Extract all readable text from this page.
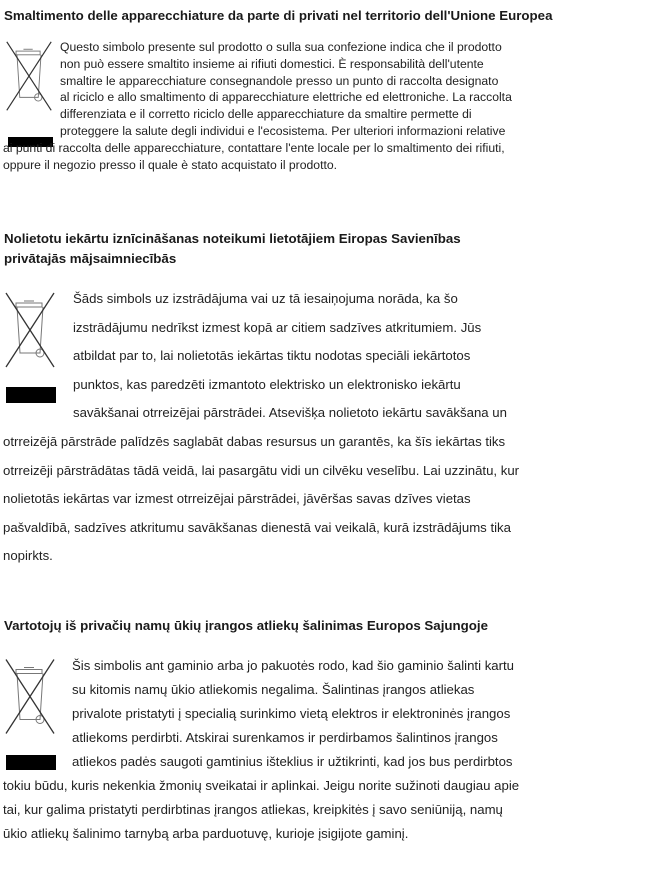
Smaltimento delle apparecchiature da parte di privati nel territorio dell'Unione Europea
Questo simbolo presente sul prodotto o sulla sua confezione indica che il prodotto
non può essere smaltito insieme ai rifiuti domestici. È responsabilità dell'utente
smaltire le apparecchiature consegnandole presso un punto di raccolta designato
al riciclo e allo smaltimento di apparecchiature elettriche ed elettroniche. La raccolta
differenziata e il corretto riciclo delle apparecchiature da smaltire permette di
proteggere la salute degli individui e l'ecosistema. Per ulteriori informazioni relative
ai punti di raccolta delle apparecchiature, contattare l'ente locale per lo smaltimento dei rifiuti,
oppure il negozio presso il quale è stato acquistato il prodotto.
Nolietotu iekārtu iznīcināšanas noteikumi lietotājiem Eiropas Savienības
privātajās mājsaimniecībās
Šāds simbols uz izstrādājuma vai uz tā iesaiņojuma norāda, ka šo
izstrādājumu nedrīkst izmest kopā ar citiem sadzīves atkritumiem. Jūs
atbildat par to, lai nolietotās iekārtas tiktu nodotas speciāli iekārtotos
punktos, kas paredzēti izmantoto elektrisko un elektronisko iekārtu
savākšanai otrreizējai pārstrādei. Atsevišķa nolietoto iekārtu savākšana un
otrreizējā pārstrāde palīdzēs saglabāt dabas resursus un garantēs, ka šīs iekārtas tiks
otrreizēji pārstrādātas tādā veidā, lai pasargātu vidi un cilvēku veselību. Lai uzzinātu, kur
nolietotās iekārtas var izmest otrreizējai pārstrādei, jāvēršas savas dzīves vietas
pašvaldībā, sadzīves atkritumu savākšanas dienestā vai veikalā, kurā izstrādājums tika
nopirkts.
Vartotojų iš privačių namų ūkių įrangos atliekų šalinimas Europos Sajungoje
Šis simbolis ant gaminio arba jo pakuotės rodo, kad šio gaminio šalinti kartu
su kitomis namų ūkio atliekomis negalima. Šalintinas įrangos atliekas
privalote pristatyti į specialią surinkimo vietą elektros ir elektroninės įrangos
atliekoms perdirbti. Atskirai surenkamos ir perdirbamos šalintinos įrangos
atliekos padės saugoti gamtinius išteklius ir užtikrinti, kad jos bus perdirbtos
tokiu būdu, kuris nekenkia žmonių sveikatai ir aplinkai. Jeigu norite sužinoti daugiau apie
tai, kur galima pristatyti perdirbtinas įrangos atliekas, kreipkitės į savo seniūniją, namų
ūkio atliekų šalinimo tarnybą arba parduotuvę, kurioje įsigijote gaminį.
